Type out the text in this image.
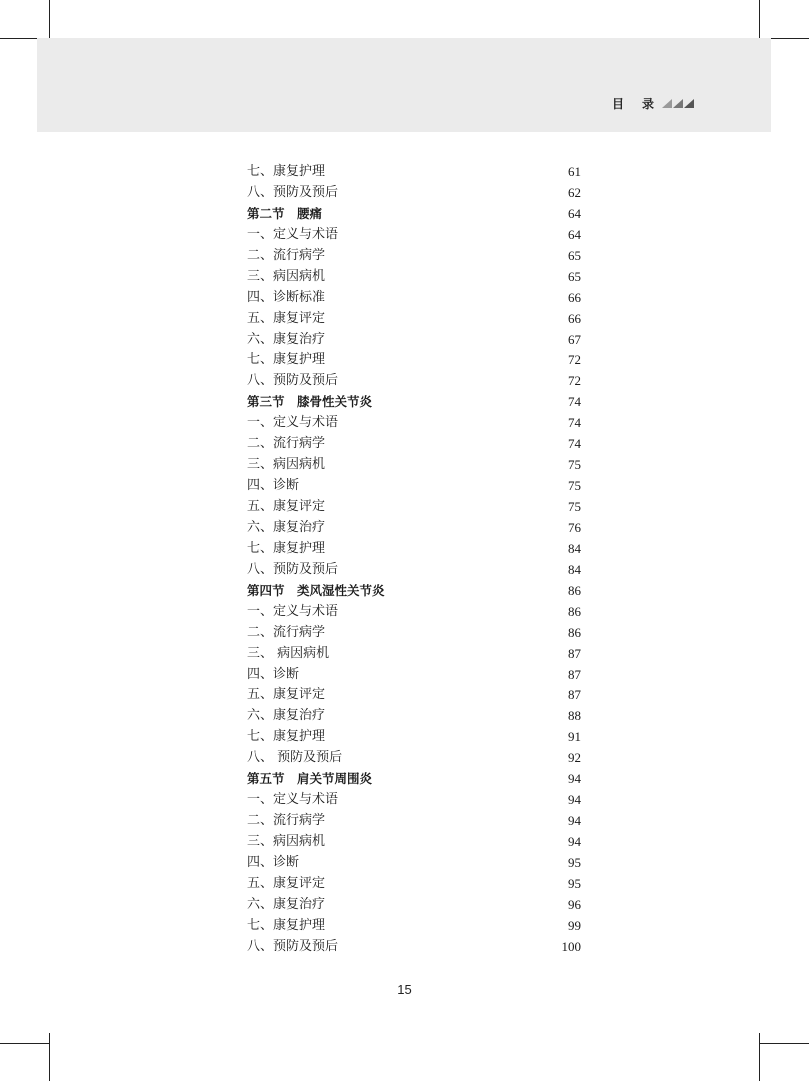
目 录
七、康复护理	61
八、预防及预后	62
第二节　腰痛	64
一、定义与术语	64
二、流行病学	65
三、病因病机	65
四、诊断标准	66
五、康复评定	66
六、康复治疗	67
七、康复护理	72
八、预防及预后	72
第三节　膝骨性关节炎	74
一、定义与术语	74
二、流行病学	74
三、病因病机	75
四、诊断	75
五、康复评定	75
六、康复治疗	76
七、康复护理	84
八、预防及预后	84
第四节　类风湿性关节炎	86
一、定义与术语	86
二、流行病学	86
三、 病因病机	87
四、诊断	87
五、康复评定	87
六、康复治疗	88
七、康复护理	91
八、 预防及预后	92
第五节　肩关节周围炎	94
一、定义与术语	94
二、流行病学	94
三、病因病机	94
四、诊断	95
五、康复评定	95
六、康复治疗	96
七、康复护理	99
八、预防及预后	100
15
